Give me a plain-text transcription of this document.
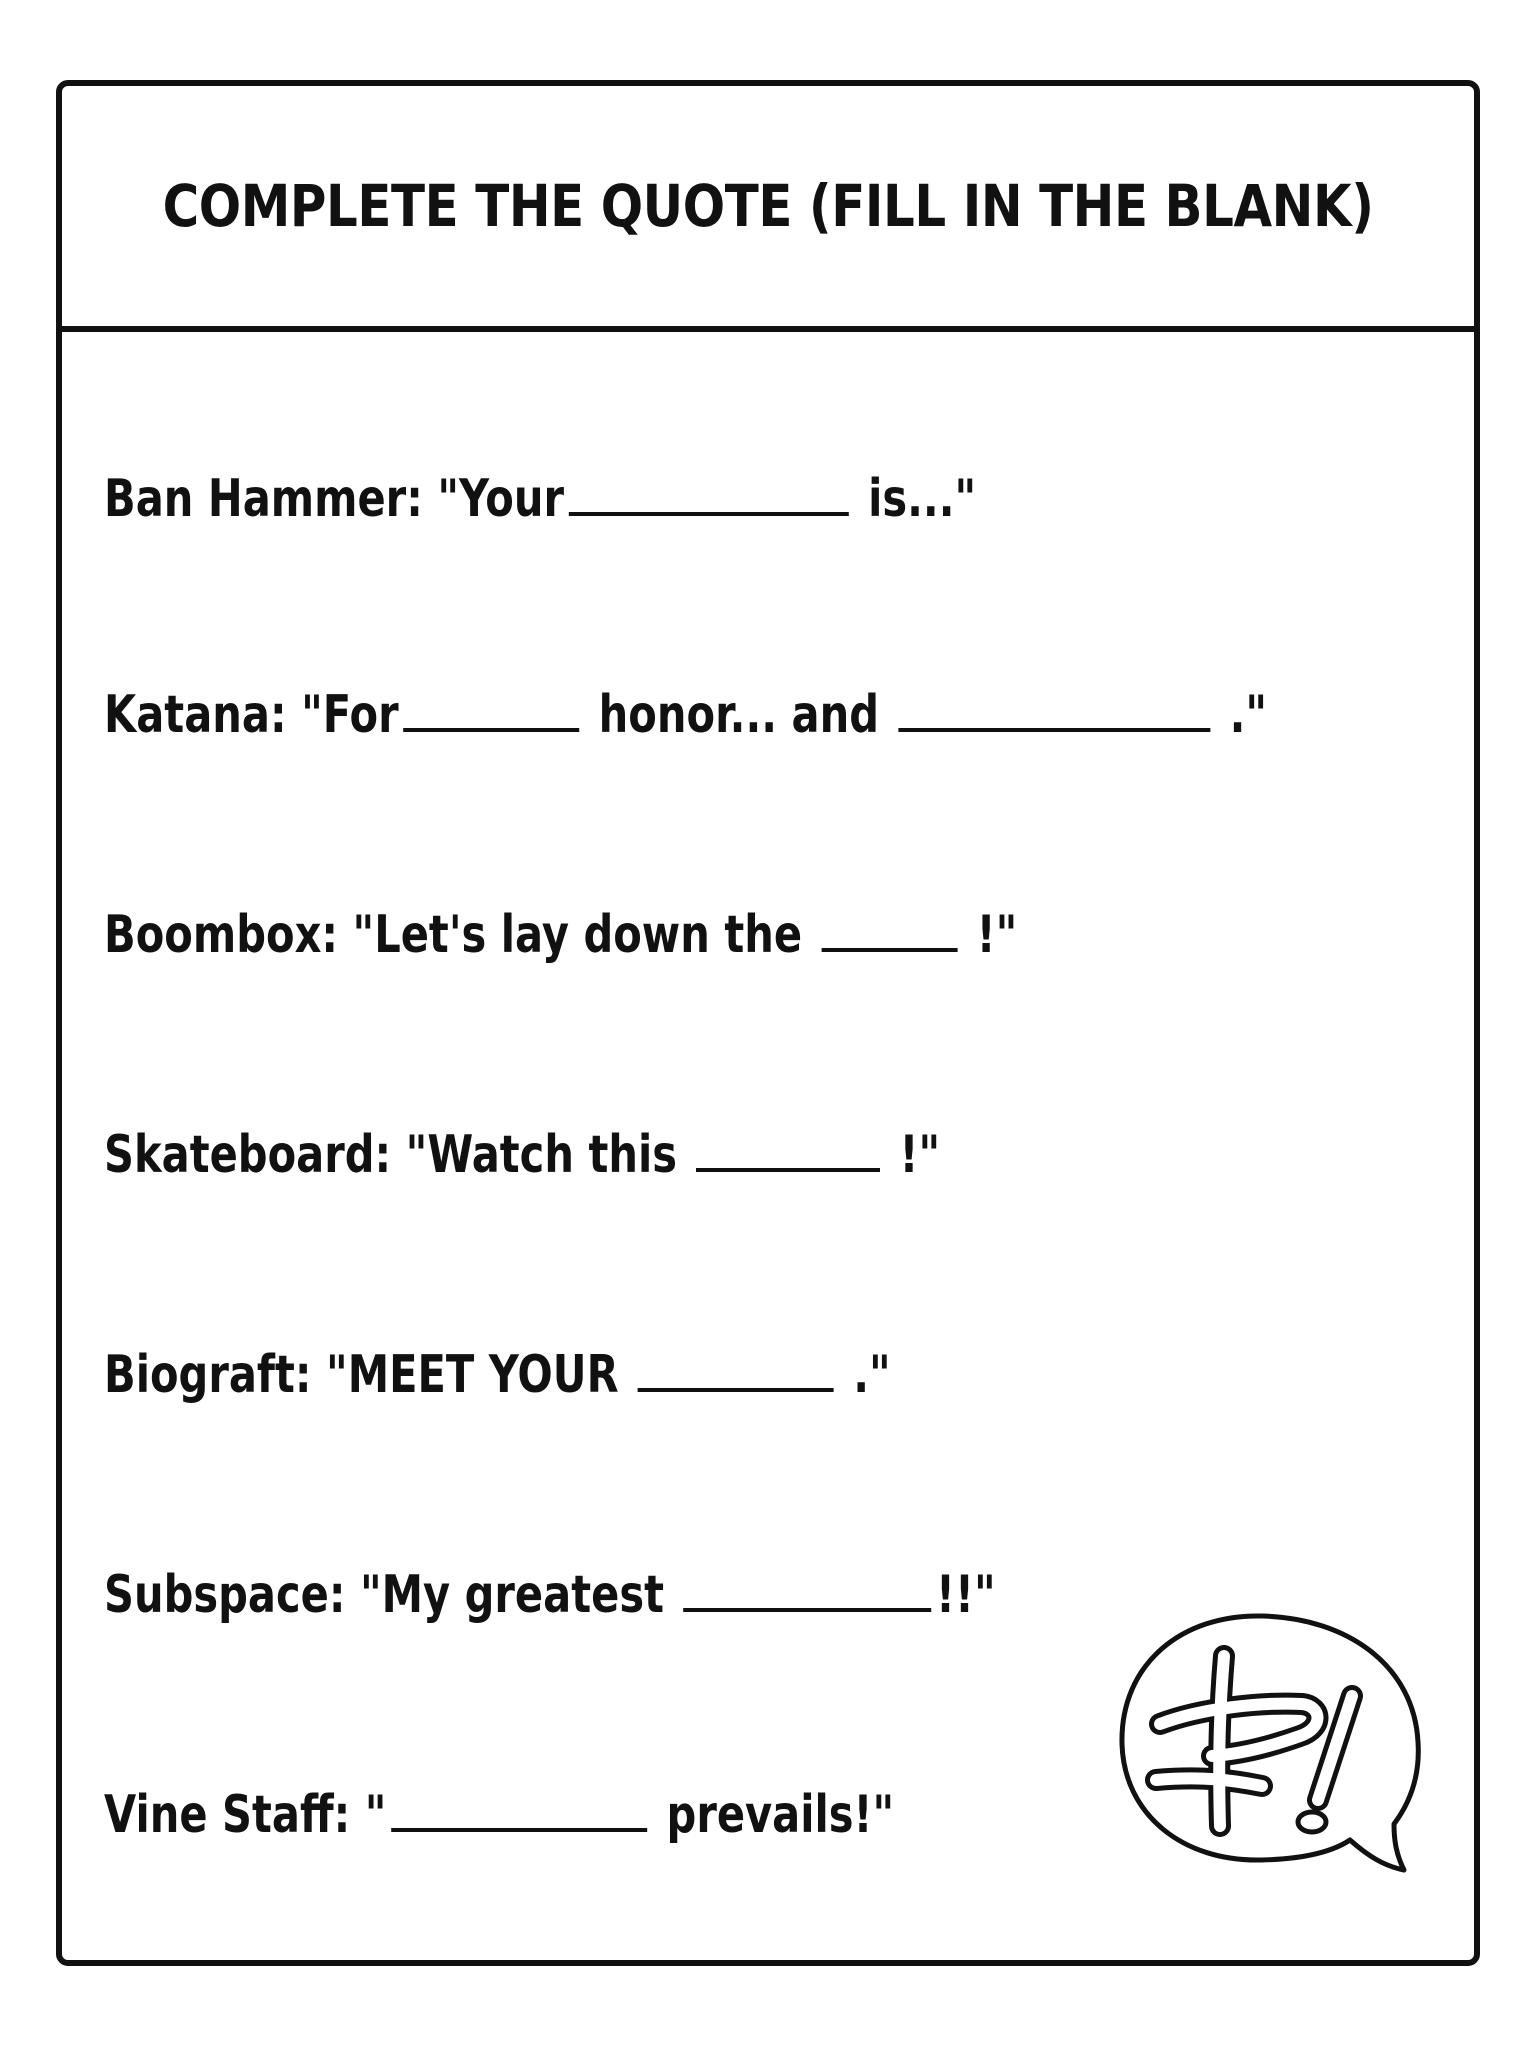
COMPLETE THE QUOTE (FILL IN THE BLANK)
Ban Hammer: "Your	is..."
Katana: "For	honor... and	."
Boombox: "Let's lay down the	!"
Skateboard: "Watch this	!"
Biograft: "MEET YOUR	."
Subspace: "My greatest	!!"
Vine Staff: "	prevails!"
